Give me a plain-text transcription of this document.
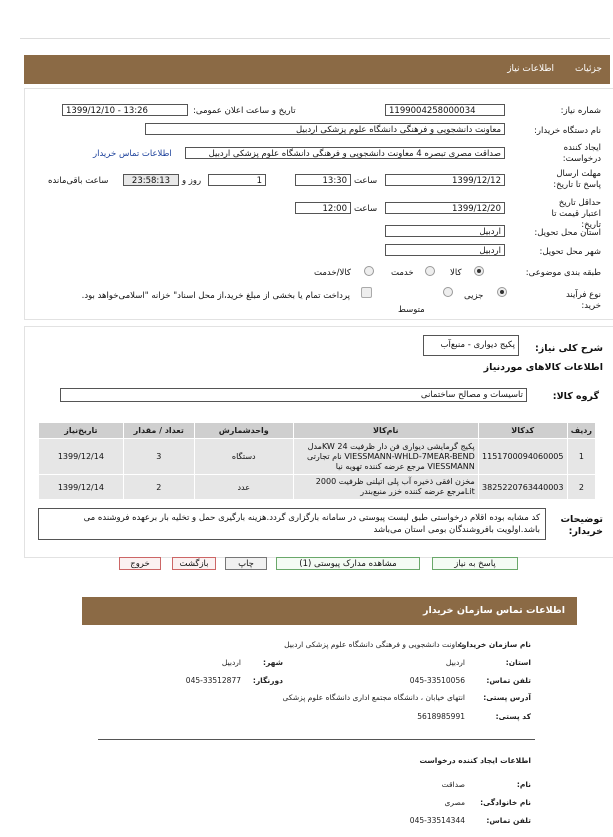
جزئیات
اطلاعات نیاز
شماره نیاز:
1199004258000034
تاریخ و ساعت اعلان عمومی:
1399/12/10 - 13:26
نام دستگاه خریدار:
معاونت دانشجویی و فرهنگی دانشگاه علوم پزشکی اردبیل
ایجاد کننده درخواست:
صداقت مصری تبصره 4 معاونت دانشجویی و فرهنگی دانشگاه علوم پزشکی اردبیل
اطلاعات تماس خریدار
مهلت ارسال پاسخ تا تاریخ:
1399/12/12
ساعت
13:30
1
روز و
23:58:13
ساعت باقی‌مانده
حداقل تاریخ اعتبار قیمت تا تاریخ:
1399/12/20
ساعت
12:00
استان محل تحویل:
اردبیل
شهر محل تحویل:
اردبیل
طبقه بندی موضوعی:
کالا
خدمت
کالا/خدمت
نوع فرآیند خرید:
جزیی
متوسط
پرداخت تمام یا بخشی از مبلغ خرید،از محل اسناد" خزانه "اسلامی‌خواهد بود.
شرح کلی نیاز:
پکیج دیواری - منبع‌آب
اطلاعات کالاهای موردنیاز
گروه کالا:
تاسیسات و مصالح ساختمانی
ردیف	کدکالا	نام‌کالا	واحدشمارش	تعداد / مقدار	تاریخ‌نیاز
1	1151700094060005	پکیج گرمایشی دیواری فن دار ظرفیت 24 KWمدل VIESSMANN-WHLD-7MEAR-BEND نام تجارتی VIESSMANN مرجع عرضه کننده تهویه نیا	دستگاه	3	1399/12/14
2	3825220763440003	مخزن افقی ذخیره آب پلی اتیلنی ظرفیت 2000 Litمرجع عرضه کننده خزر منبع‌بندر	عدد	2	1399/12/14
توضیحات خریدار:
کد مشابه بوده اقلام درخواستی طبق لیست پیوستی در سامانه بارگزاری گردد.هزینه بارگیری حمل و تخلیه بار برعهده فروشنده می باشد.اولویت بافروشندگان بومی استان می‌باشد
پاسخ به نیاز
مشاهده مدارک پیوستی (1)
چاپ
بازگشت
خروج
اطلاعات تماس سازمان خریدار
نام سازمان خریدار:
معاونت دانشجویی و فرهنگی دانشگاه علوم پزشکی اردبیل
استان:
اردبیل
شهر:
اردبیل
تلفن تماس:
045-33510056
دورنگار:
045-33512877
آدرس پستی:
انتهای خیابان ، دانشگاه مجتمع اداری دانشگاه علوم پزشکی
کد پستی:
5618985991
اطلاعات ایجاد کننده درخواست
نام:
صداقت
نام خانوادگی:
مصری
تلفن تماس:
045-33514344
